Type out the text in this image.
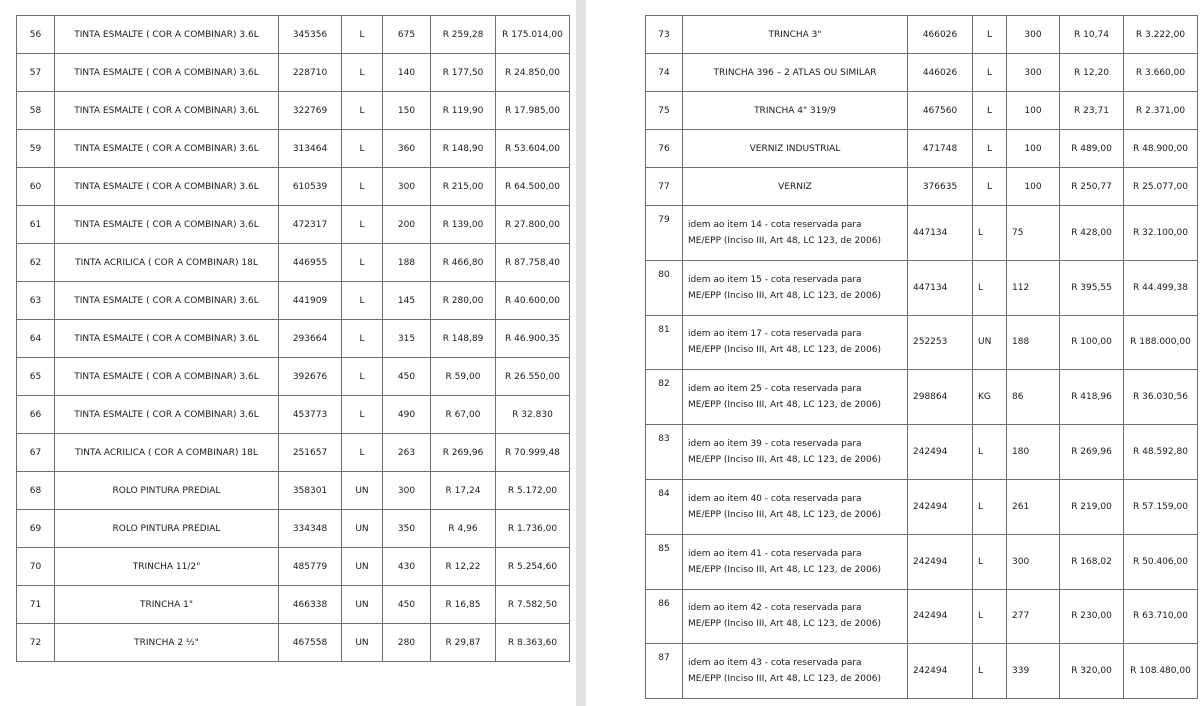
56	TINTA ESMALTE ( COR A COMBINAR) 3.6L	345356	L	675	R 259,28	R 175.014,00
57	TINTA ESMALTE ( COR A COMBINAR) 3.6L	228710	L	140	R 177,50	R 24.850,00
58	TINTA ESMALTE ( COR A COMBINAR) 3.6L	322769	L	150	R 119,90	R 17.985,00
59	TINTA ESMALTE ( COR A COMBINAR) 3.6L	313464	L	360	R 148,90	R 53.604,00
60	TINTA ESMALTE ( COR A COMBINAR) 3.6L	610539	L	300	R 215,00	R 64.500,00
61	TINTA ESMALTE ( COR A COMBINAR) 3.6L	472317	L	200	R 139,00	R 27.800,00
62	TINTA ACRILICA ( COR A COMBINAR) 18L	446955	L	188	R 466,80	R 87.758,40
63	TINTA ESMALTE ( COR A COMBINAR) 3.6L	441909	L	145	R 280,00	R 40.600,00
64	TINTA ESMALTE ( COR A COMBINAR) 3.6L	293664	L	315	R 148,89	R 46.900,35
65	TINTA ESMALTE ( COR A COMBINAR) 3.6L	392676	L	450	R 59,00	R 26.550,00
66	TINTA ESMALTE ( COR A COMBINAR) 3.6L	453773	L	490	R 67,00	R 32.830
67	TINTA ACRILICA ( COR A COMBINAR) 18L	251657	L	263	R 269,96	R 70.999,48
68	ROLO PINTURA PREDIAL	358301	UN	300	R 17,24	R 5.172,00
69	ROLO PINTURA PREDIAL	334348	UN	350	R 4,96	R 1.736,00
70	TRINCHA 11/2"	485779	UN	430	R 12,22	R 5.254,60
71	TRINCHA 1"	466338	UN	450	R 16,85	R 7.582,50
72	TRINCHA 2 ½"	467558	UN	280	R 29,87	R 8.363,60
73	TRINCHA 3"	466026	L	300	R 10,74	R 3.222,00
74	TRINCHA 396 – 2 ATLAS OU SIMILAR	446026	L	300	R 12,20	R 3.660,00
75	TRINCHA 4" 319/9	467560	L	100	R 23,71	R 2.371,00
76	VERNIZ INDUSTRIAL	471748	L	100	R 489,00	R 48.900,00
77	VERNIZ	376635	L	100	R 250,77	R 25.077,00
79	idem ao item 14 - cota reservada para
ME/EPP (Inciso III, Art 48, LC 123, de 2006)	447134	L	75	R 428,00	R 32.100,00
80	idem ao item 15 - cota reservada para
ME/EPP (Inciso III, Art 48, LC 123, de 2006)	447134	L	112	R 395,55	R 44.499,38
81	idem ao item 17 - cota reservada para
ME/EPP (Inciso III, Art 48, LC 123, de 2006)	252253	UN	188	R 100,00	R 188.000,00
82	idem ao item 25 - cota reservada para
ME/EPP (Inciso III, Art 48, LC 123, de 2006)	298864	KG	86	R 418,96	R 36.030,56
83	idem ao item 39 - cota reservada para
ME/EPP (Inciso III, Art 48, LC 123, de 2006)	242494	L	180	R 269,96	R 48.592,80
84	idem ao item 40 - cota reservada para
ME/EPP (Inciso III, Art 48, LC 123, de 2006)	242494	L	261	R 219,00	R 57.159,00
85	idem ao item 41 - cota reservada para
ME/EPP (Inciso III, Art 48, LC 123, de 2006)	242494	L	300	R 168,02	R 50.406,00
86	idem ao item 42 - cota reservada para
ME/EPP (Inciso III, Art 48, LC 123, de 2006)	242494	L	277	R 230,00	R 63.710,00
87	idem ao item 43 - cota reservada para
ME/EPP (Inciso III, Art 48, LC 123, de 2006)	242494	L	339	R 320,00	R 108.480,00
